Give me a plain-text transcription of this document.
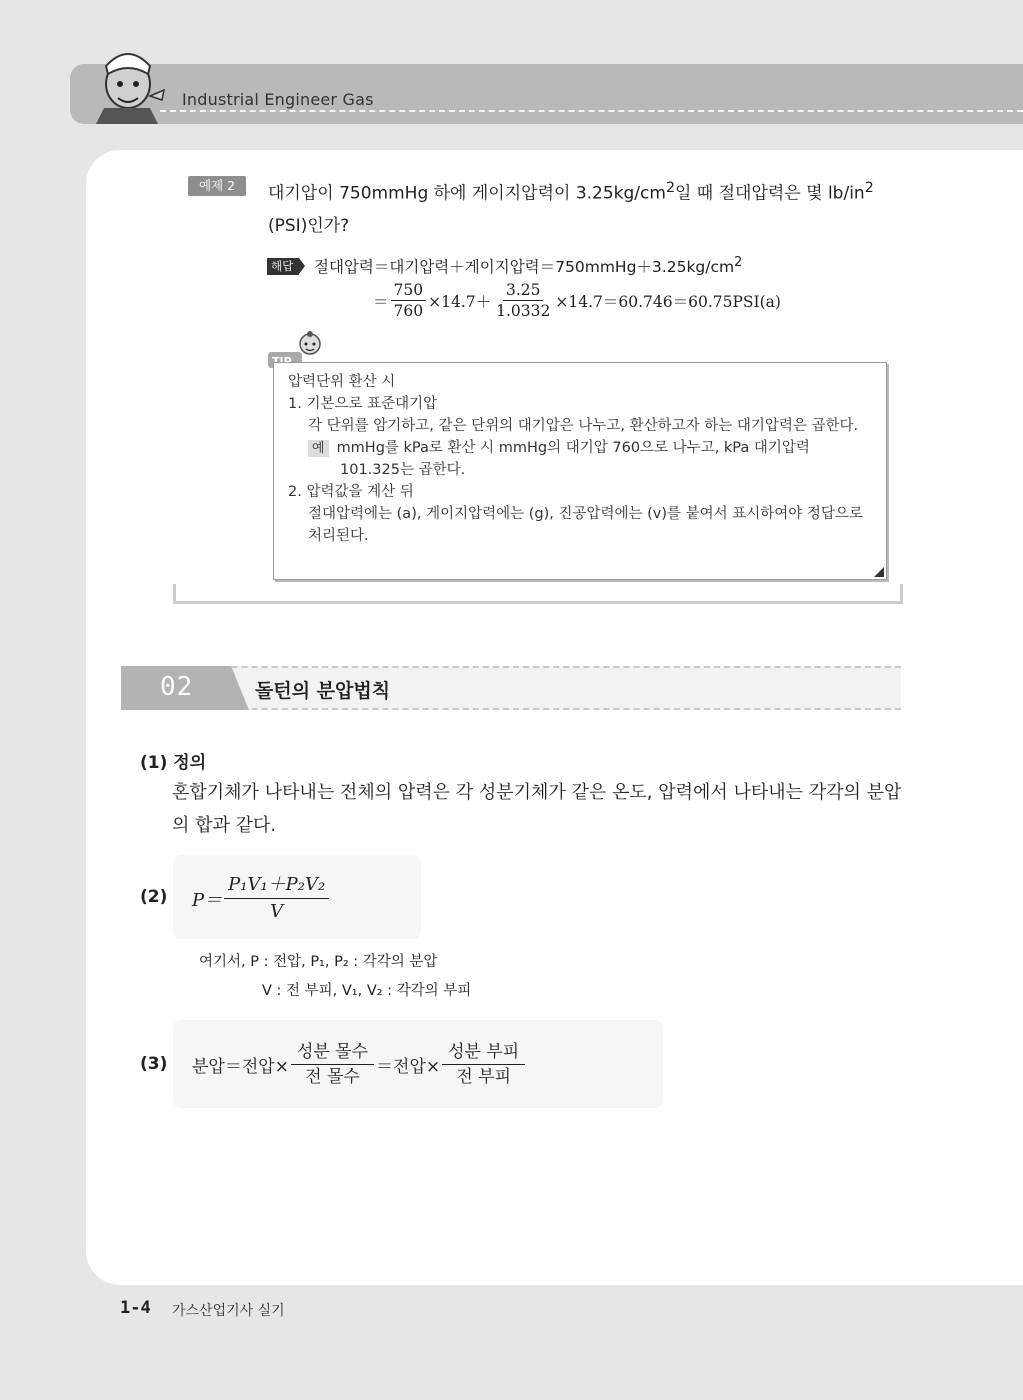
Industrial Engineer Gas
예제 2	대기압이 750mmHg 하에 게이지압력이 $3.25kg/cm^2$일 때 절대압력은 몇 $lb/in^2$
(PSI)인가?
해답	절대압력＝대기압력＋게이지압력$=750mmHg+3.25kg/cm^2$
＝ $\frac{750}{760} \times 14.7+ \frac{3.25}{1.0332} \times 14.7=60.746=60.75PSI(a)$
압력단위 환산 시
1. 기본으로 표준대기압
각 단위를 암기하고, 같은 단위의 대기압은 나누고, 환산하고자 하는 대기압력은 곱한다.
예 mmHg를 kPa로 환산 시 mmHg의 대기압 760으로 나누고, kPa 대기압력
101.325는 곱한다.
2. 압력값을 계산 뒤
절대압력에는 (a), 게이지압력에는 (g), 진공압력에는 (v)를 붙여서 표시하여야 정답으로 처리된다.
02	돌턴의 분압법칙
(1) 정의
혼합기체가 나타내는 전체의 압력은 각 성분기체가 같은 온도, 압력에서 나타내는 각각의 분압의 합과 같다.
(2) $P= \frac{\text{P₁V₁＋P₂V₂}}{V}$
여기서, P : 전압, P₁, P₂ : 각각의 분압
V : 전 부피, V₁, V₂ : 각각의 부피
(3) 분압＝전압× $\frac{\text{성분 몰수}}{\text{전 몰수}}$ ＝전압× $\frac{\text{성분 부피}}{\text{전 부피}}$
1-4 가스산업기사 실기
